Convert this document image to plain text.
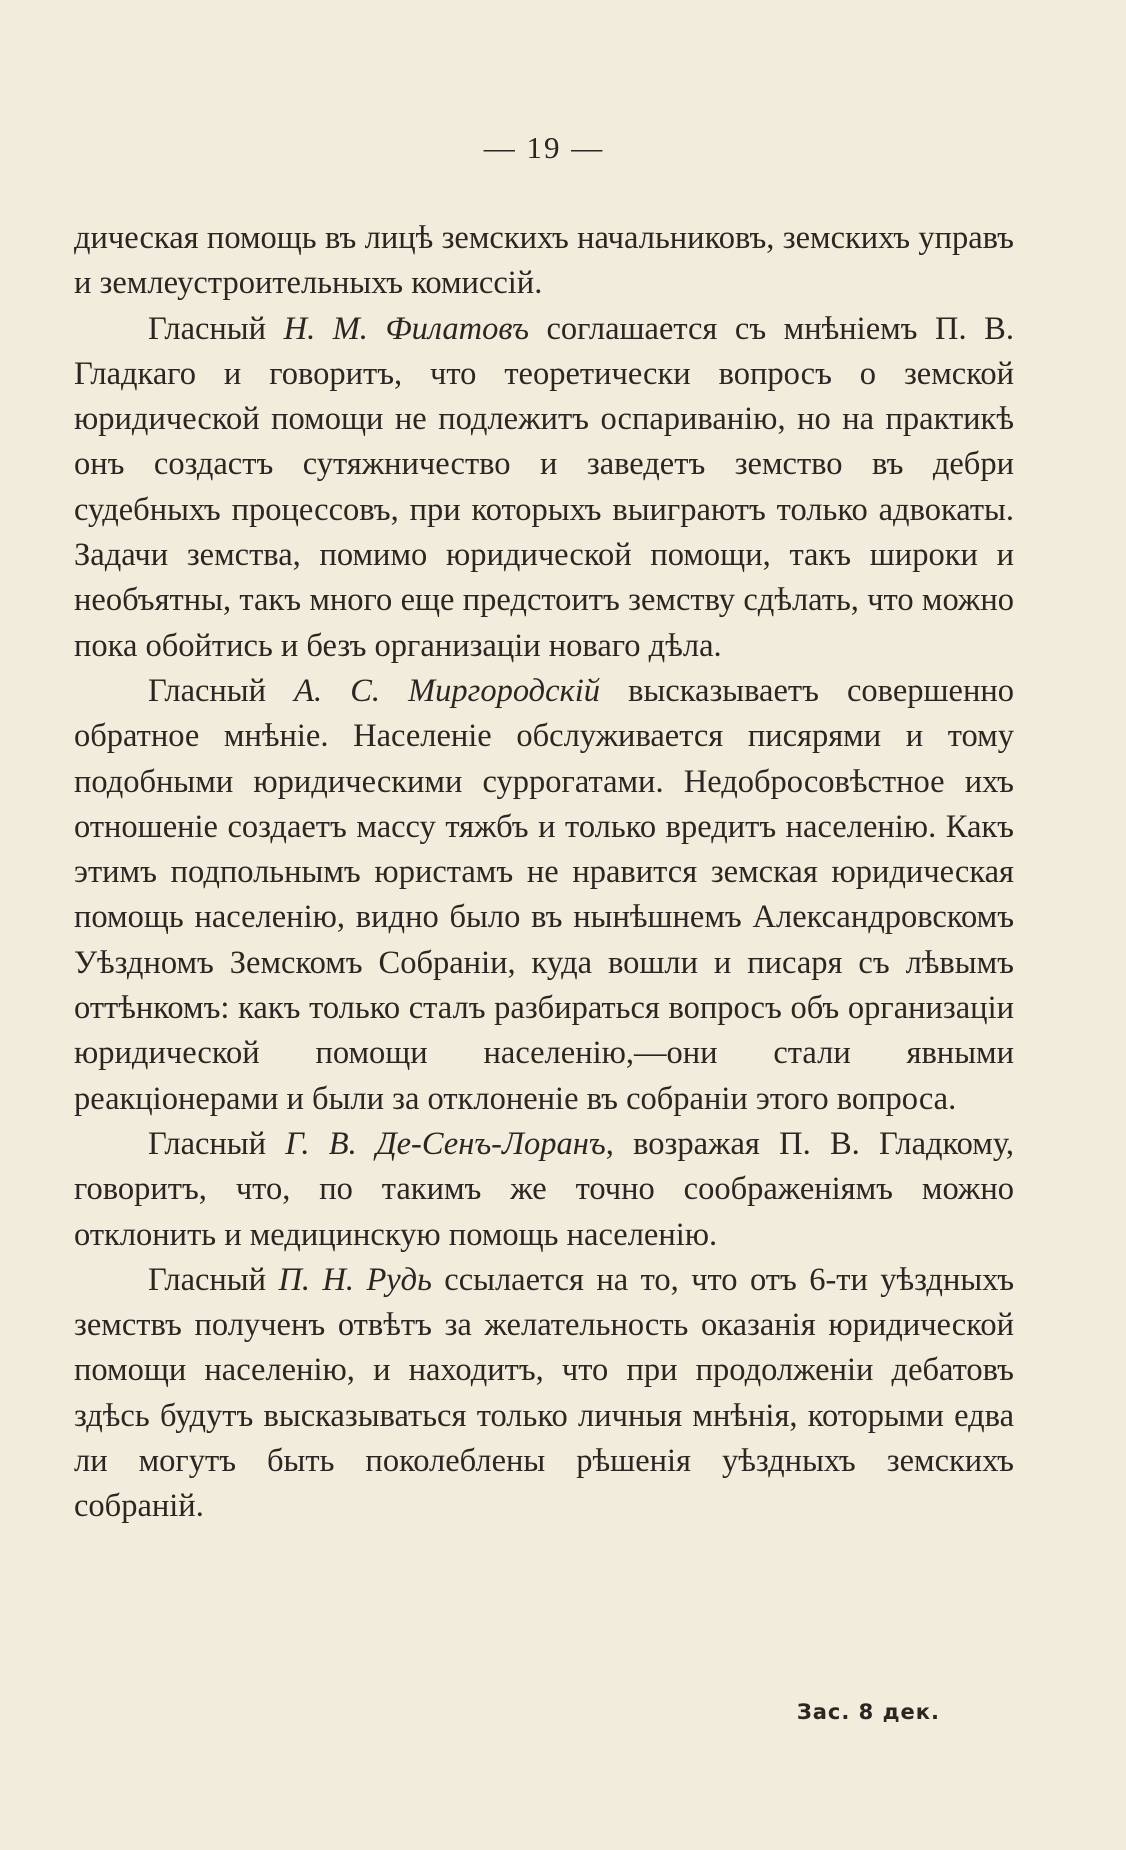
— 19 —

дическая помощь въ лицѣ земскихъ начальниковъ, земскихъ управъ и землеустроительныхъ комиссій.

Гласный Н. М. Филатовъ соглашается съ мнѣніемъ П. В. Гладкаго и говоритъ, что теоретически вопросъ о земской юридической помощи не подлежитъ оспариванію, но на практикѣ онъ создастъ сутяжничество и заведетъ земство въ дебри судебныхъ процессовъ, при которыхъ выиграютъ только адвокаты. Задачи земства, помимо юридической помощи, такъ широки и необъятны, такъ много еще предстоитъ земству сдѣлать, что можно пока обойтись и безъ организаціи новаго дѣла.

Гласный А. С. Миргородскій высказываетъ совершенно обратное мнѣніе. Населеніе обслуживается писярями и тому подобными юридическими суррогатами. Недобросовѣстное ихъ отношеніе создаетъ массу тяжбъ и только вредитъ населенію. Какъ этимъ подпольнымъ юристамъ не нравится земская юридическая помощь населенію, видно было въ нынѣшнемъ Александровскомъ Уѣздномъ Земскомъ Собраніи, куда вошли и писаря съ лѣвымъ оттѣнкомъ: какъ только сталъ разбираться вопросъ объ организаціи юридической помощи населенію,—они стали явными реакціонерами и были за отклоненіе въ собраніи этого вопроса.

Гласный Г. В. Де-Сенъ-Лоранъ, возражая П. В. Гладкому, говоритъ, что, по такимъ же точно соображеніямъ можно отклонить и медицинскую помощь населенію.

Гласный П. Н. Рудь ссылается на то, что отъ 6-ти уѣздныхъ земствъ полученъ отвѣтъ за желательность оказанія юридической помощи населенію, и находитъ, что при продолженіи дебатовъ здѣсь будутъ высказываться только личныя мнѣнія, которыми едва ли могутъ быть поколеблены рѣшенія уѣздныхъ земскихъ собраній.

Зас. 8 дек.
